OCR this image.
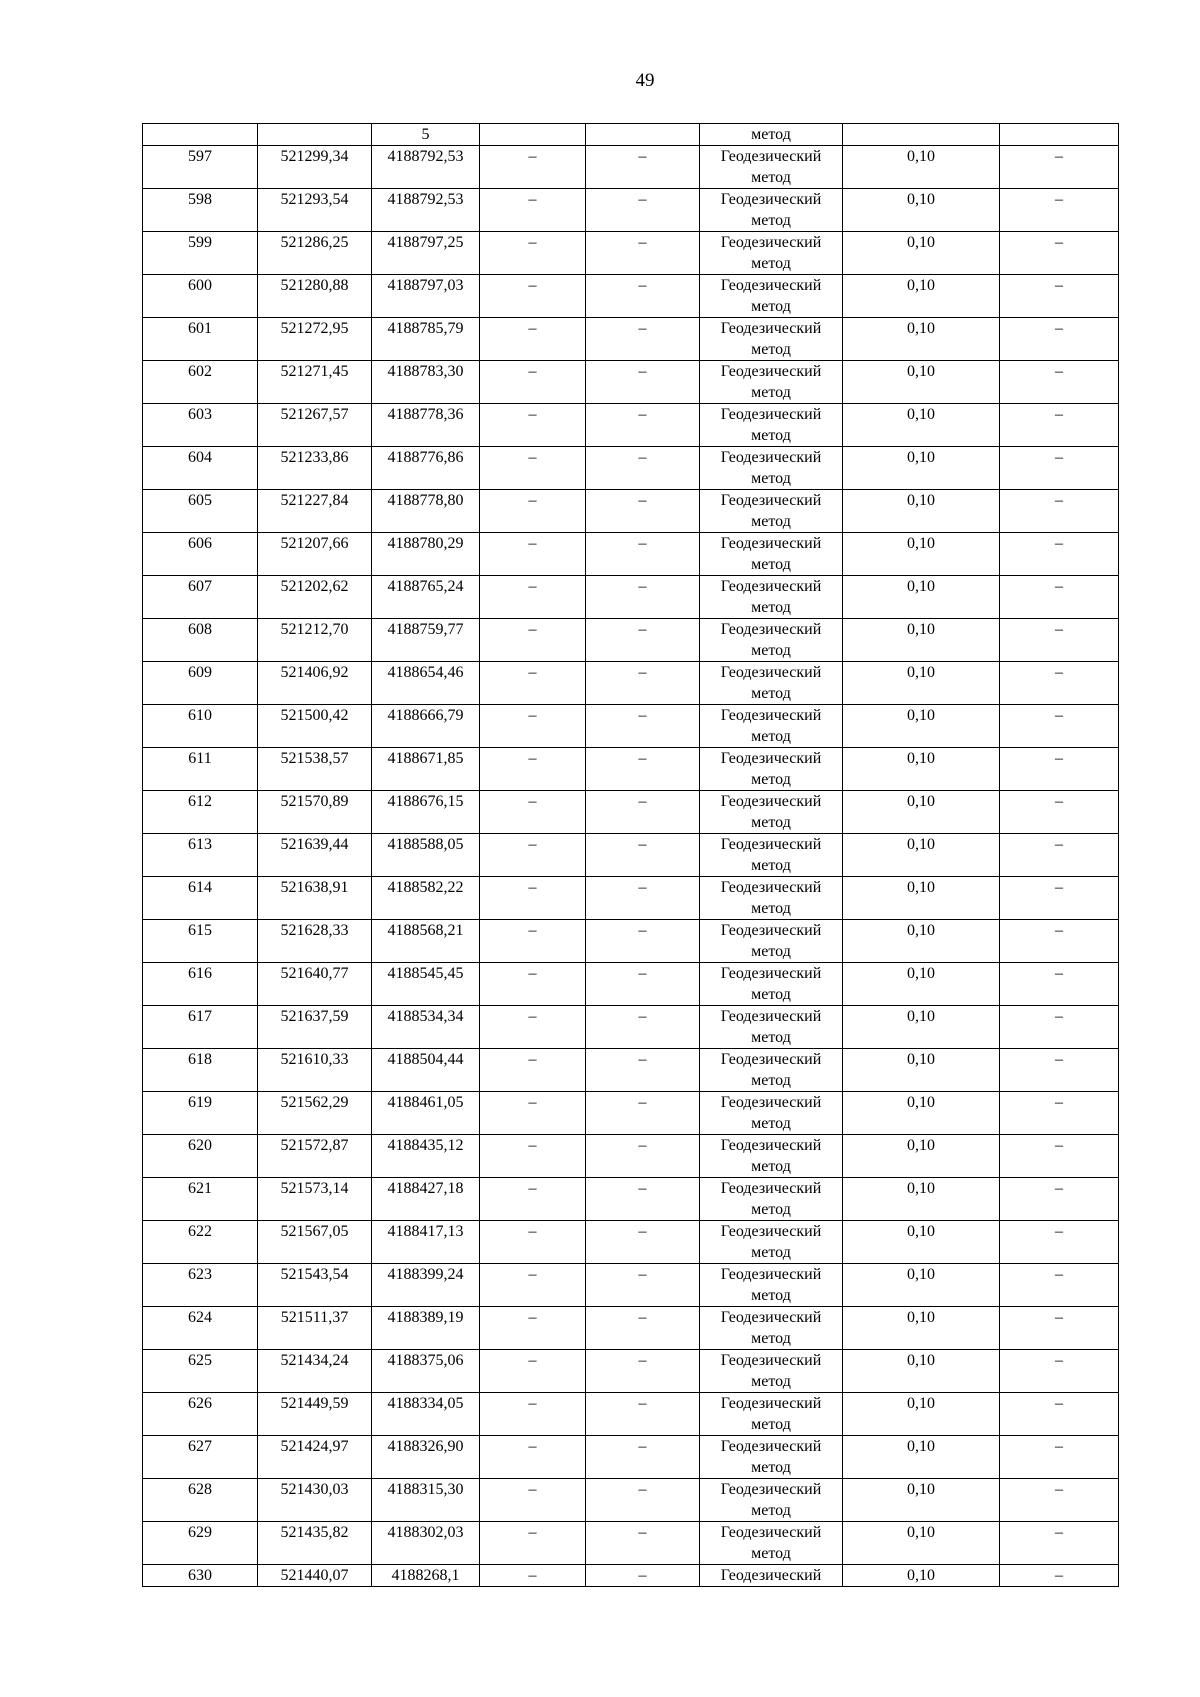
49
		5			метод		
597	521299,34	4188792,53	–	–	Геодезический метод	0,10	–
598	521293,54	4188792,53	–	–	Геодезический метод	0,10	–
599	521286,25	4188797,25	–	–	Геодезический метод	0,10	–
600	521280,88	4188797,03	–	–	Геодезический метод	0,10	–
601	521272,95	4188785,79	–	–	Геодезический метод	0,10	–
602	521271,45	4188783,30	–	–	Геодезический метод	0,10	–
603	521267,57	4188778,36	–	–	Геодезический метод	0,10	–
604	521233,86	4188776,86	–	–	Геодезический метод	0,10	–
605	521227,84	4188778,80	–	–	Геодезический метод	0,10	–
606	521207,66	4188780,29	–	–	Геодезический метод	0,10	–
607	521202,62	4188765,24	–	–	Геодезический метод	0,10	–
608	521212,70	4188759,77	–	–	Геодезический метод	0,10	–
609	521406,92	4188654,46	–	–	Геодезический метод	0,10	–
610	521500,42	4188666,79	–	–	Геодезический метод	0,10	–
611	521538,57	4188671,85	–	–	Геодезический метод	0,10	–
612	521570,89	4188676,15	–	–	Геодезический метод	0,10	–
613	521639,44	4188588,05	–	–	Геодезический метод	0,10	–
614	521638,91	4188582,22	–	–	Геодезический метод	0,10	–
615	521628,33	4188568,21	–	–	Геодезический метод	0,10	–
616	521640,77	4188545,45	–	–	Геодезический метод	0,10	–
617	521637,59	4188534,34	–	–	Геодезический метод	0,10	–
618	521610,33	4188504,44	–	–	Геодезический метод	0,10	–
619	521562,29	4188461,05	–	–	Геодезический метод	0,10	–
620	521572,87	4188435,12	–	–	Геодезический метод	0,10	–
621	521573,14	4188427,18	–	–	Геодезический метод	0,10	–
622	521567,05	4188417,13	–	–	Геодезический метод	0,10	–
623	521543,54	4188399,24	–	–	Геодезический метод	0,10	–
624	521511,37	4188389,19	–	–	Геодезический метод	0,10	–
625	521434,24	4188375,06	–	–	Геодезический метод	0,10	–
626	521449,59	4188334,05	–	–	Геодезический метод	0,10	–
627	521424,97	4188326,90	–	–	Геодезический метод	0,10	–
628	521430,03	4188315,30	–	–	Геодезический метод	0,10	–
629	521435,82	4188302,03	–	–	Геодезический метод	0,10	–
630	521440,07	4188268,1	–	–	Геодезический	0,10	–
